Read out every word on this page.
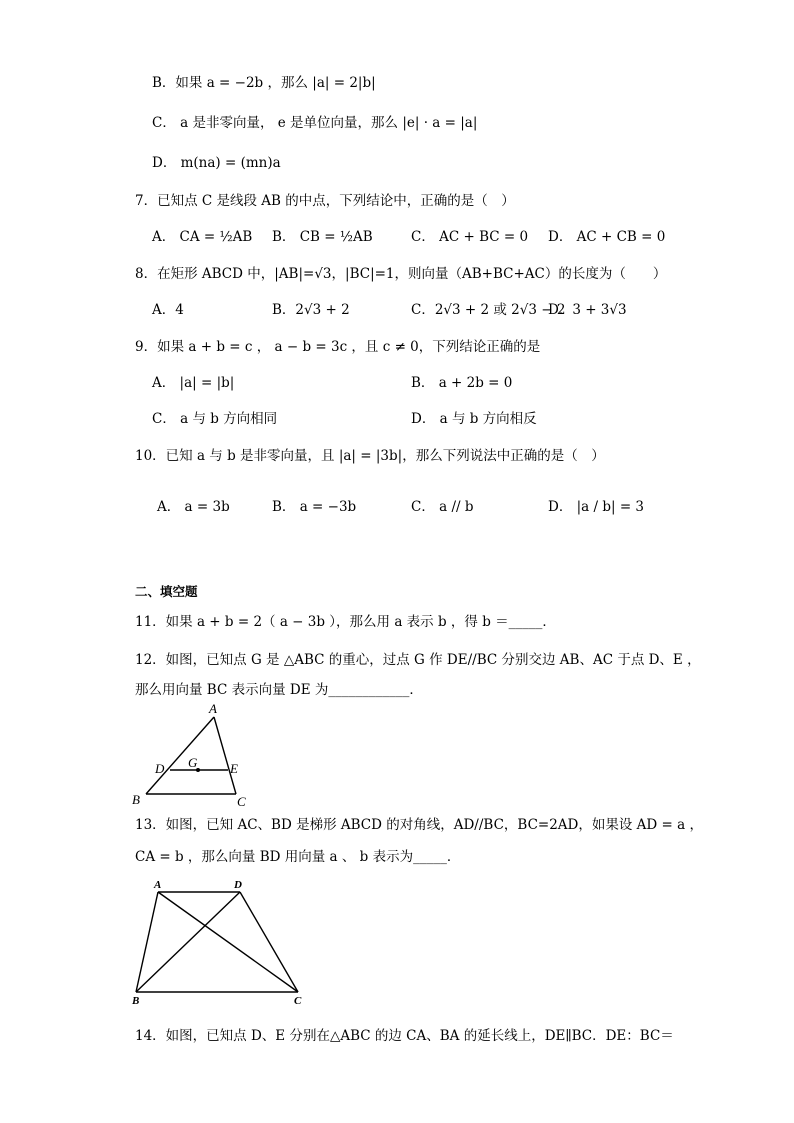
B．如果 a = −2b ，那么 |a| = 2|b|
C． a 是非零向量， e 是单位向量，那么 |e| · a = |a|
D． m(na) = (mn)a
7．已知点 C 是线段 AB 的中点，下列结论中，正确的是（　）
A． CA = ½AB B． CB = ½AB	C． AC + BC = 0 D． AC + CB = 0
8．在矩形 ABCD 中，|AB|=√3，|BC|=1，则向量（AB+BC+AC）的长度为（　　）
A．4	B．2√3 + 2	C．2√3 + 2 或 2√3 − 2
D．3 + 3√3
9．如果 a + b = c ， a − b = 3c ，且 c ≠ 0，下列结论正确的是
A． |a| = |b|	B． a + 2b = 0
C． a 与 b 方向相同	D． a 与 b 方向相反
10．已知 a 与 b 是非零向量，且 |a| = |3b|，那么下列说法中正确的是（　）
A． a = 3b	B． a = −3b	C． a // b	D． |a / b| = 3
二、填空题
11．如果 a + b = 2（ a − 3b ），那么用 a 表示 b ，得 b ＝_____．
12．如图，已知点 G 是 △ABC 的重心，过点 G 作 DE//BC 分别交边 AB、AC 于点 D、E ，
那么用向量 BC 表示向量 DE 为____________．
A
B	C
D	E
G
13．如图，已知 AC、BD 是梯形 ABCD 的对角线，AD//BC，BC=2AD，如果设 AD = a ，
CA = b ，那么向量 BD 用向量 a 、 b 表示为_____．
A	D
B	C
14．如图，已知点 D、E 分别在△ABC 的边 CA、BA 的延长线上，DE∥BC．DE：BC＝
